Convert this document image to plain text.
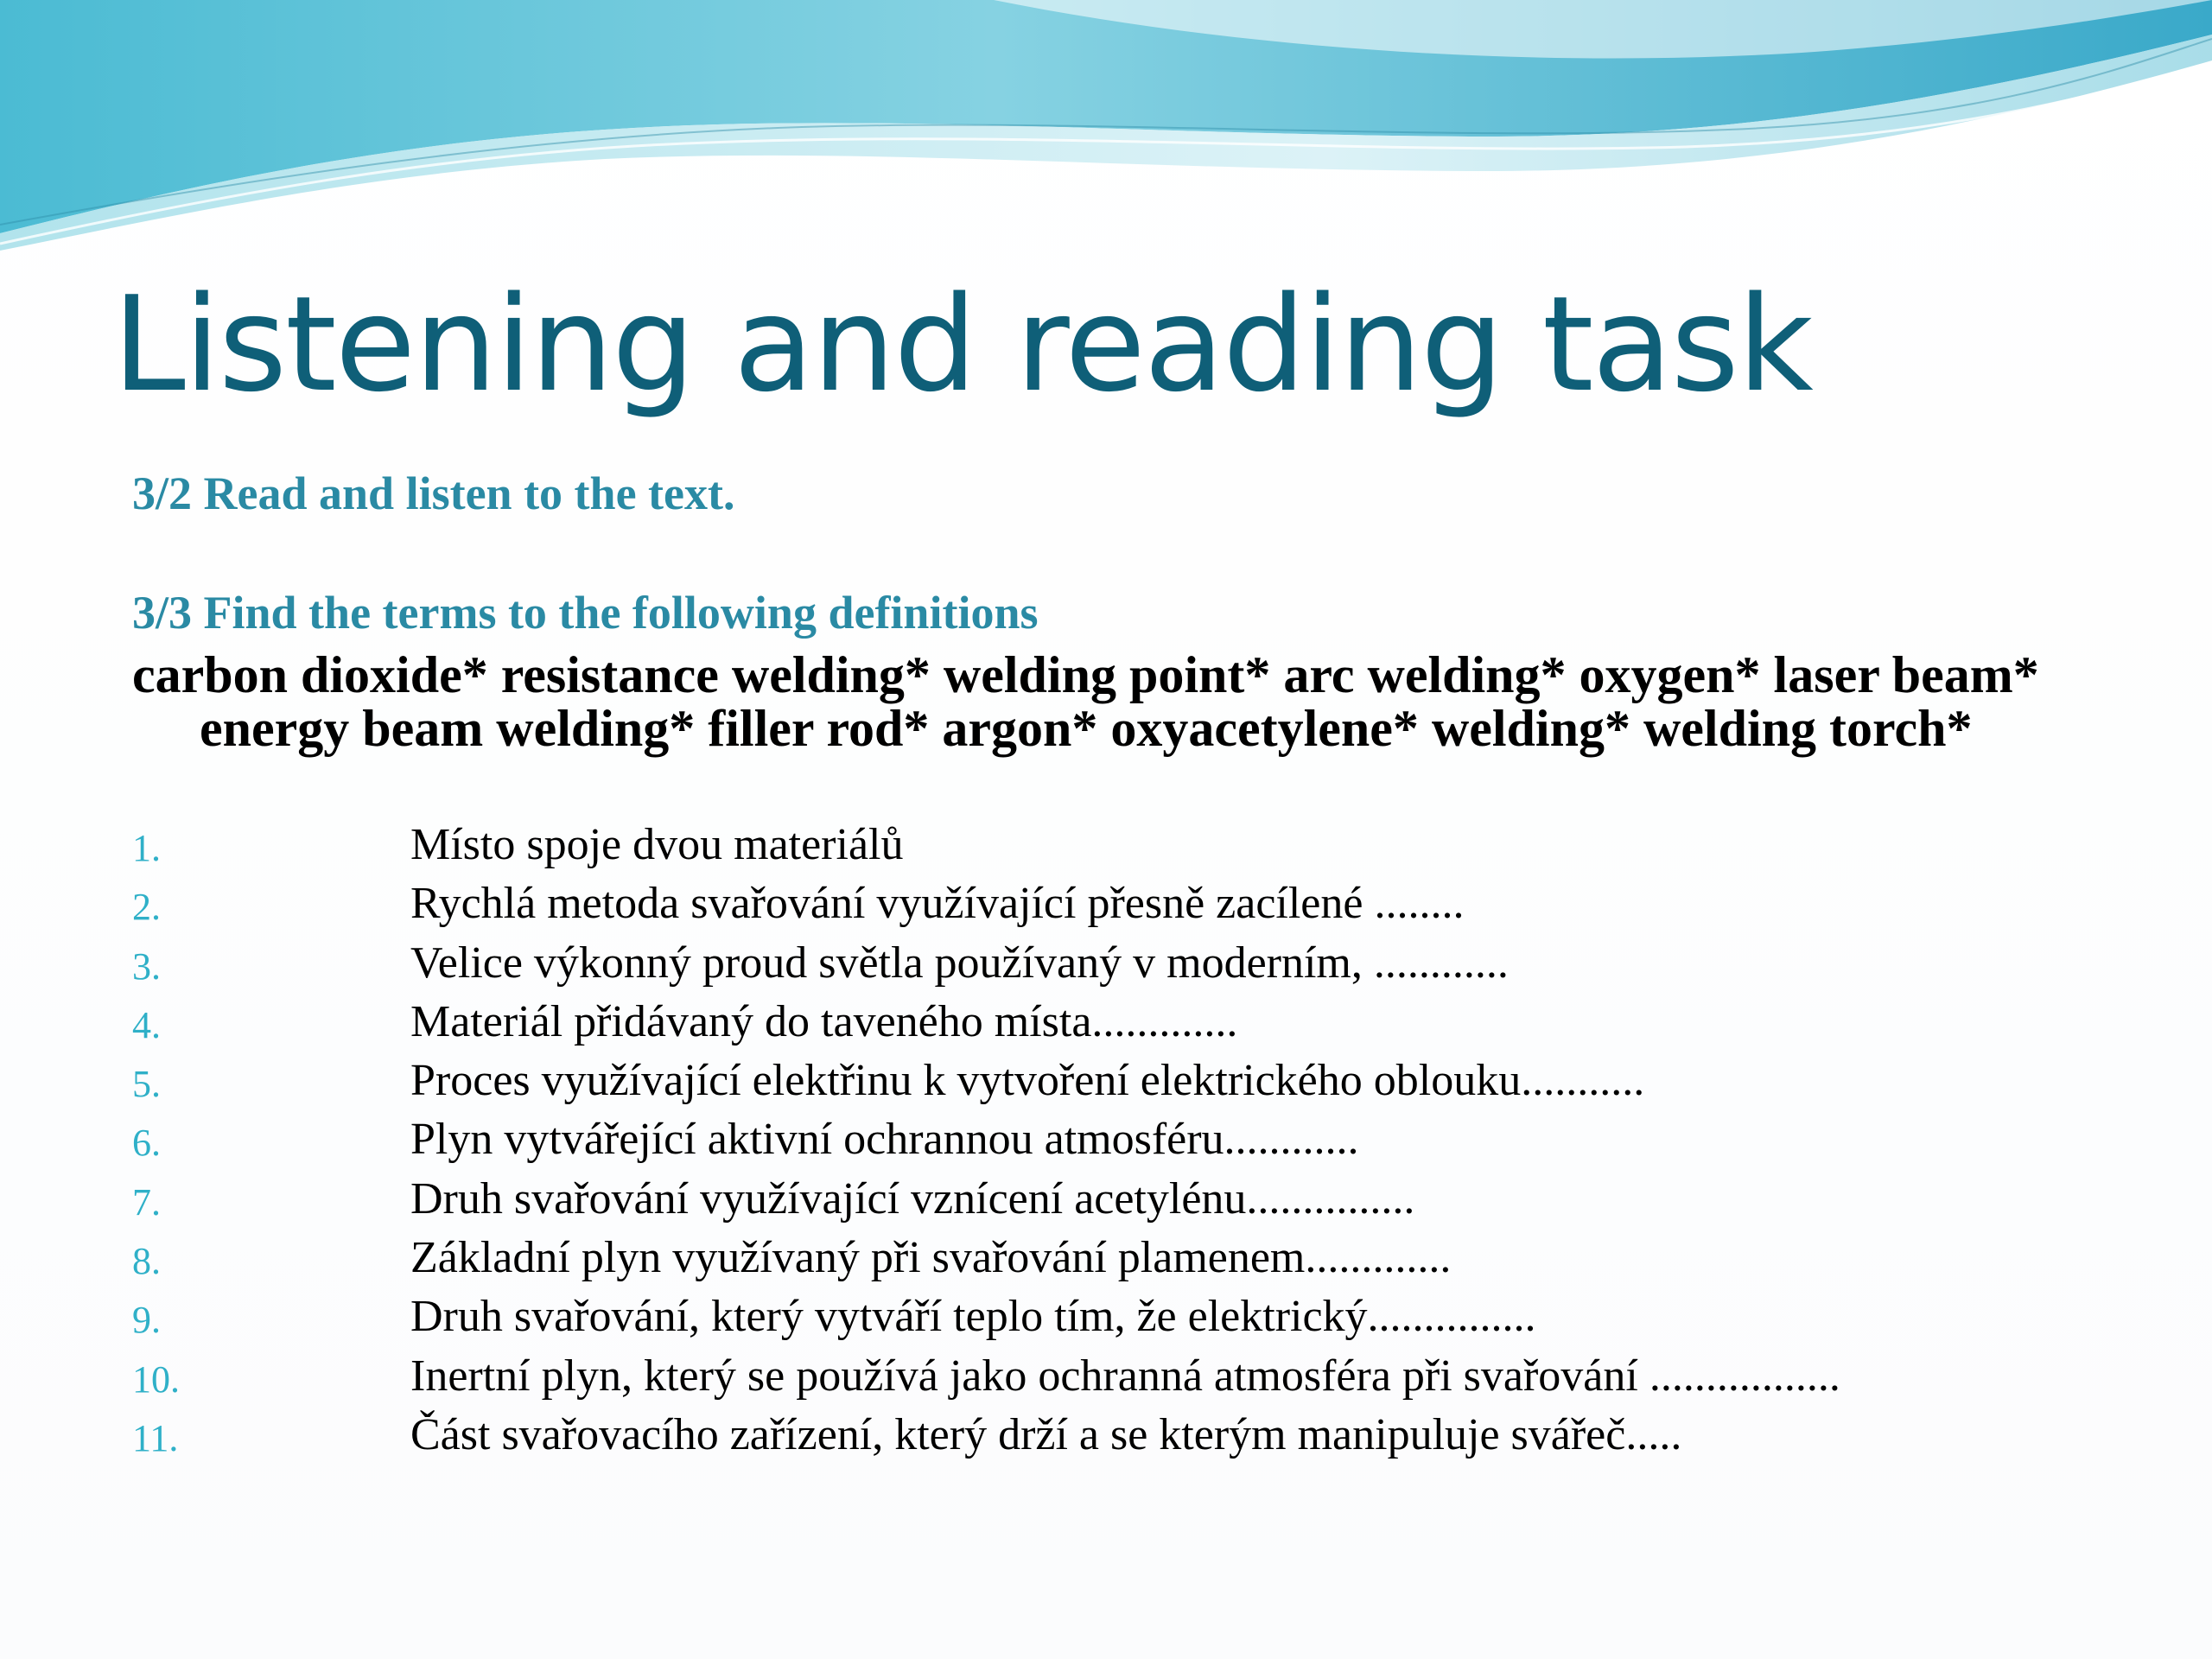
Listening and reading task

3/2 Read and listen to the text.

3/3 Find the terms to the following definitions

carbon dioxide* resistance welding* welding point* arc welding* oxygen* laser beam* energy beam welding* filler rod* argon* oxyacetylene* welding* welding torch*

1.	Místo spoje dvou materiálů
2.	Rychlá metoda svařování využívající přesně zacílené ........
3.	Velice výkonný proud světla používaný v moderním, ............
4.	Materiál přidávaný do taveného místa.............
5.	Proces využívající elektřinu k vytvoření elektrického oblouku...........
6.	Plyn vytvářející aktivní ochrannou atmosféru............
7.	Druh svařování využívající vznícení acetylénu...............
8.	Základní plyn využívaný při svařování plamenem.............
9.	Druh svařování, který vytváří teplo tím, že elektrický...............
10.	Inertní plyn, který se používá jako ochranná atmosféra při svařování .................
11.	Část svařovacího zařízení, který drží a se kterým manipuluje svářeč.....
